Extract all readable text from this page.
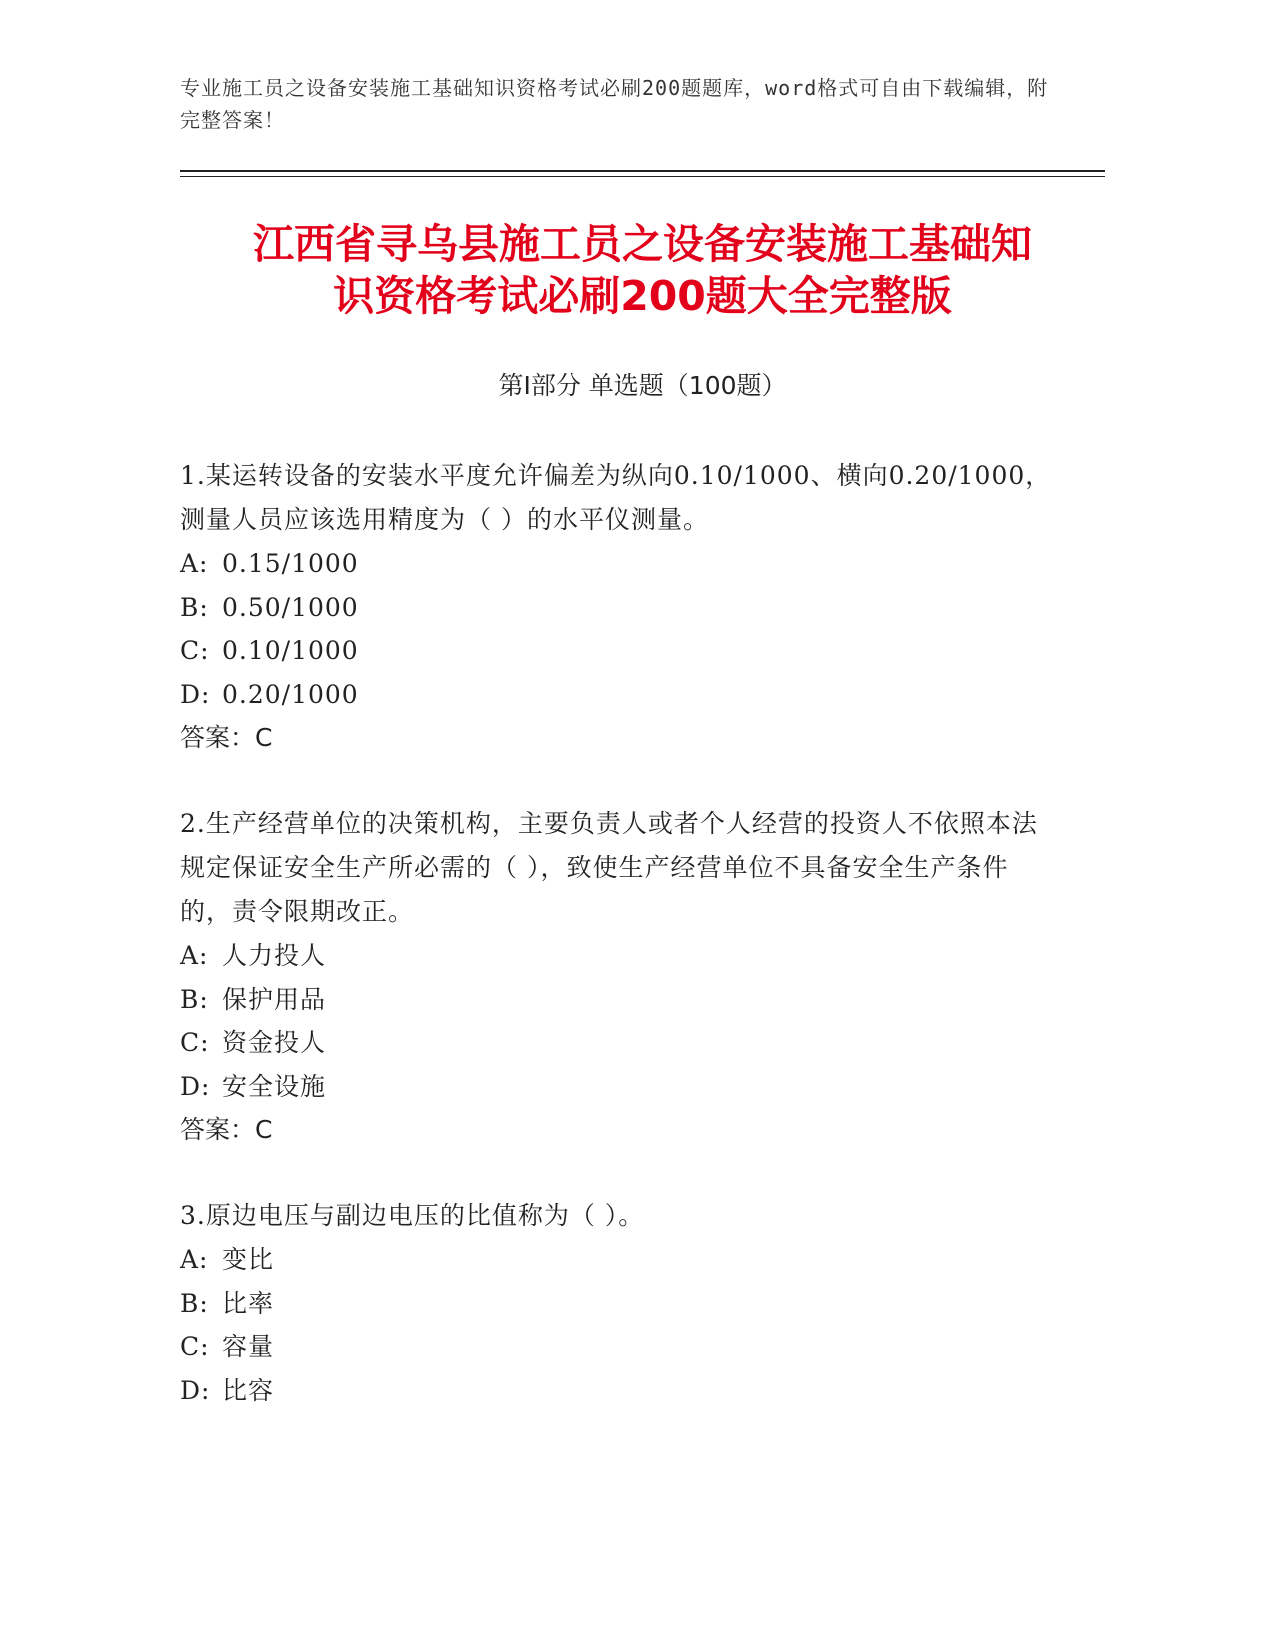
专业施工员之设备安装施工基础知识资格考试必刷200题题库，word格式可自由下载编辑，附完整答案！
江西省寻乌县施工员之设备安装施工基础知
识资格考试必刷200题大全完整版
第Ⅰ部分 单选题（100题）

1.某运转设备的安装水平度允许偏差为纵向0.10/1000、横向0.20/1000，测量人员应该选用精度为（ ）的水平仪测量。

A: 0.15/1000

B: 0.50/1000

C: 0.10/1000

D: 0.20/1000

答案：C

2.生产经营单位的决策机构，主要负责人或者个人经营的投资人不依照本法规定保证安全生产所必需的（ ），致使生产经营单位不具备安全生产条件的，责令限期改正。

A: 人力投人

B: 保护用品

C: 资金投人

D: 安全设施

答案：C

3.原边电压与副边电压的比值称为（ ）。

A: 变比

B: 比率

C: 容量

D: 比容
